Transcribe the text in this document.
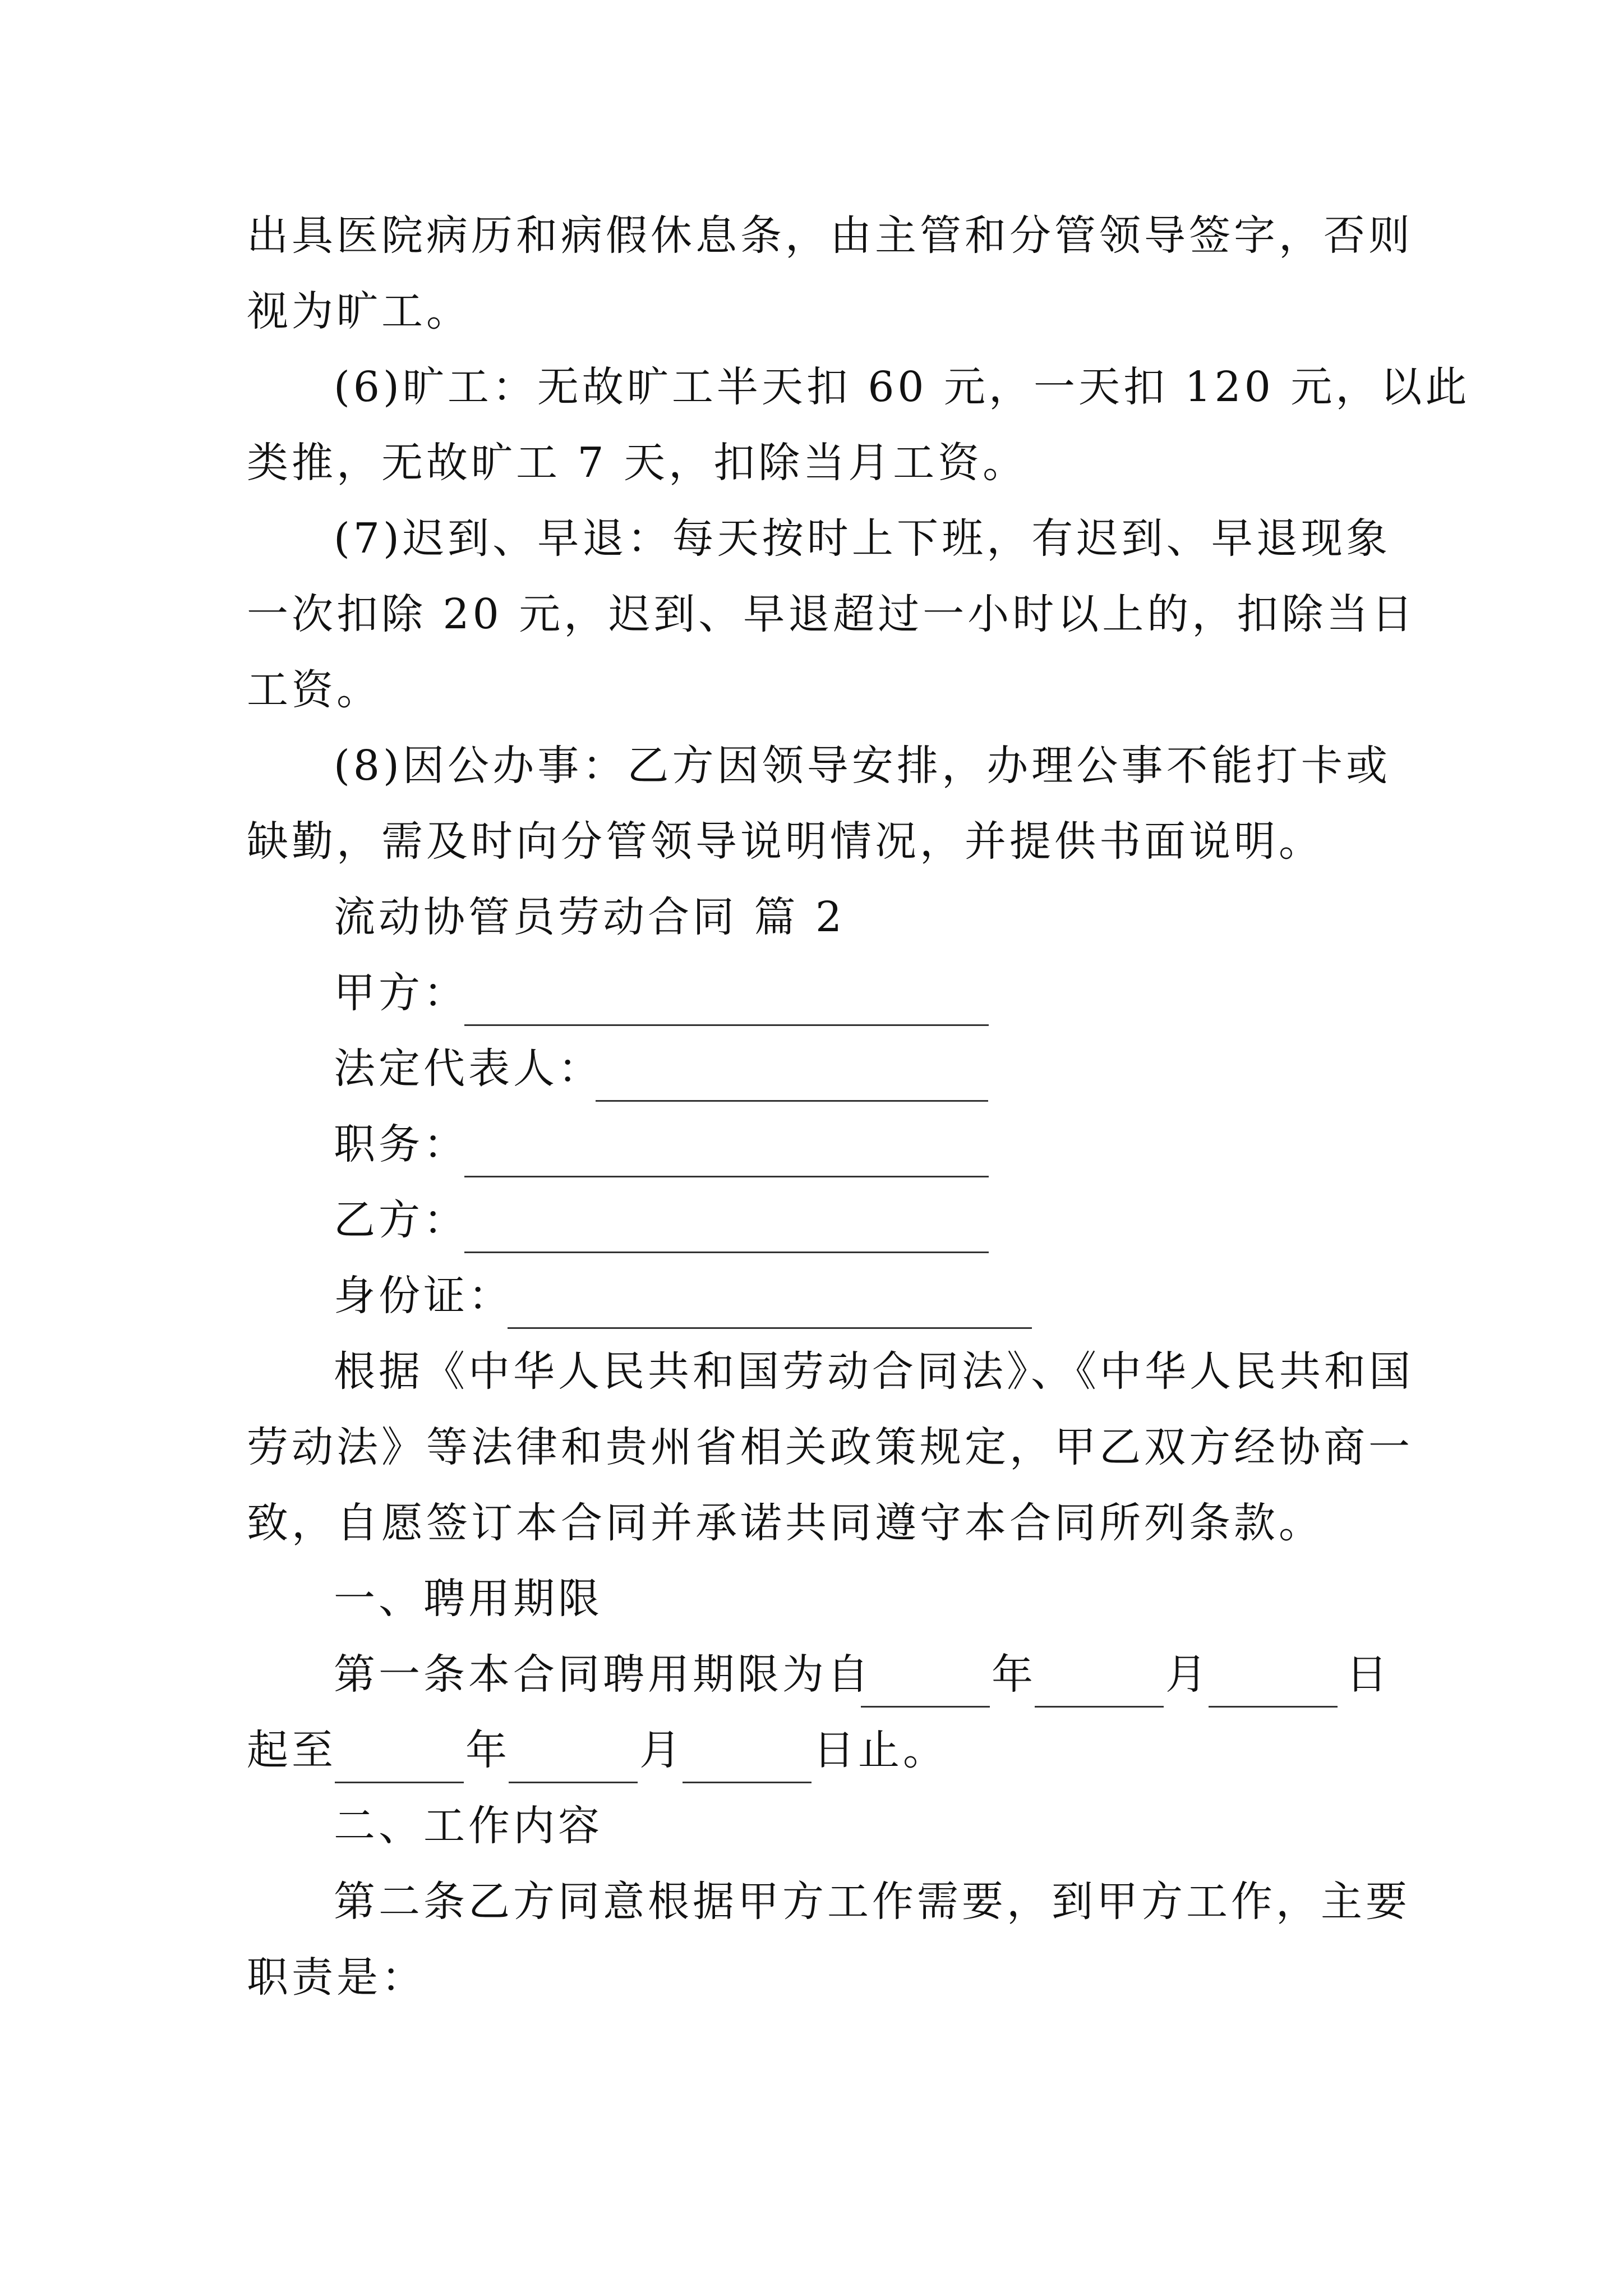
出具医院病历和病假休息条，由主管和分管领导签字，否则
视为旷工。
(6)旷工：无故旷工半天扣 60 元，一天扣 120 元，以此
类推，无故旷工 7 天，扣除当月工资。
(7)迟到、早退：每天按时上下班，有迟到、早退现象
一次扣除 20 元，迟到、早退超过一小时以上的，扣除当日
工资。
(8)因公办事：乙方因领导安排，办理公事不能打卡或
缺勤，需及时向分管领导说明情况，并提供书面说明。
流动协管员劳动合同 篇 2
甲方：
法定代表人：
职务：
乙方：
身份证：
根据《中华人民共和国劳动合同法》、《中华人民共和国
劳动法》等法律和贵州省相关政策规定，甲乙双方经协商一
致，自愿签订本合同并承诺共同遵守本合同所列条款。
一、聘用期限
第一条本合同聘用期限为自	年	月	日
起至	年	月	日止。
二、工作内容
第二条乙方同意根据甲方工作需要，到甲方工作，主要
职责是：
